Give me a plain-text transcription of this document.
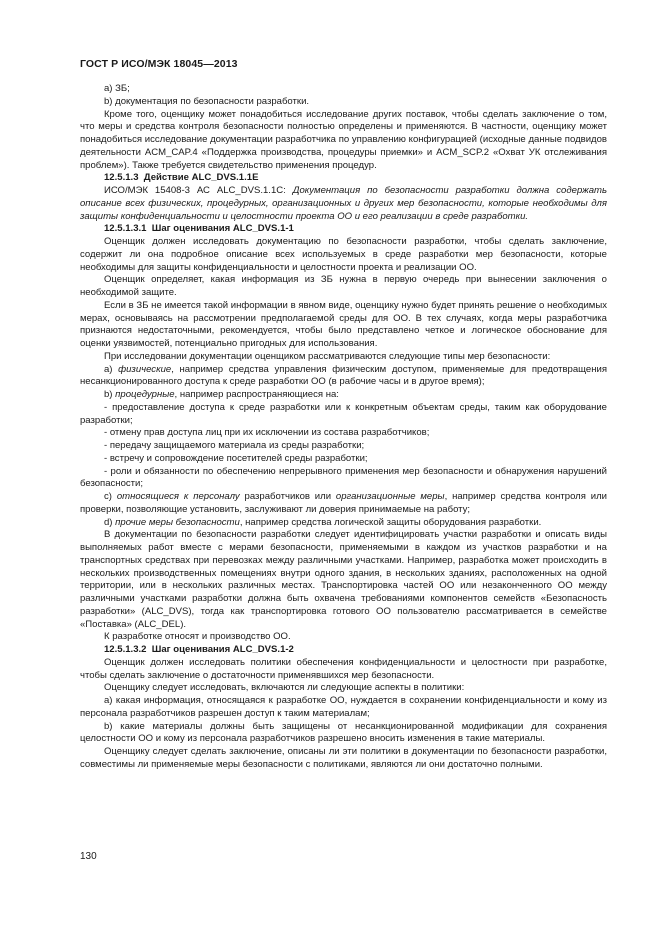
ГОСТ Р ИСО/МЭК 18045—2013

a) ЗБ;

b) документация по безопасности разработки.

Кроме того, оценщику может понадобиться исследование других поставок, чтобы сделать заключение о том, что меры и средства контроля безопасности полностью определены и применяются. В частности, оценщику может понадобиться исследование документации разработчика по управлению конфигурацией (исходные данные подвидов деятельности ACM_CAP.4 «Поддержка производства, процедуры приемки» и ACM_SCP.2 «Охват УК отслеживания проблем»). Также требуется свидетельство применения процедур.

12.5.1.3  Действие ALC_DVS.1.1E

ИСО/МЭК 15408-3 АС ALC_DVS.1.1C: Документация по безопасности разработки должна содержать описание всех физических, процедурных, организационных и других мер безопасности, которые необходимы для защиты конфиденциальности и целостности проекта ОО и его реализации в среде разработки.

12.5.1.3.1  Шаг оценивания ALC_DVS.1-1

Оценщик должен исследовать документацию по безопасности разработки, чтобы сделать заключение, содержит ли она подробное описание всех используемых в среде разработки мер безопасности, которые необходимы для защиты конфиденциальности и целостности проекта и реализации ОО.

Оценщик определяет, какая информация из ЗБ нужна в первую очередь при вынесении заключения о необходимой защите.

Если в ЗБ не имеется такой информации в явном виде, оценщику нужно будет принять решение о необходимых мерах, основываясь на рассмотрении предполагаемой среды для ОО. В тех случаях, когда меры разработчика признаются недостаточными, рекомендуется, чтобы было представлено четкое и логическое обоснование для оценки уязвимостей, потенциально пригодных для использования.

При исследовании документации оценщиком рассматриваются следующие типы мер безопасности:

a) физические, например средства управления физическим доступом, применяемые для предотвращения несанкционированного доступа к среде разработки ОО (в рабочие часы и в другое время);

b) процедурные, например распространяющиеся на:

- предоставление доступа к среде разработки или к конкретным объектам среды, таким как оборудование разработки;

- отмену прав доступа лиц при их исключении из состава разработчиков;

- передачу защищаемого материала из среды разработки;

- встречу и сопровождение посетителей среды разработки;

- роли и обязанности по обеспечению непрерывного применения мер безопасности и обнаружения нарушений безопасности;

c) относящиеся к персоналу разработчиков или организационные меры, например средства контроля или проверки, позволяющие установить, заслуживают ли доверия принимаемые на работу;

d) прочие меры безопасности, например средства логической защиты оборудования разработки.

В документации по безопасности разработки следует идентифицировать участки разработки и описать виды выполняемых работ вместе с мерами безопасности, применяемыми в каждом из участков разработки и на транспортных средствах при перевозках между различными участками. Например, разработка может происходить в нескольких производственных помещениях внутри одного здания, в нескольких зданиях, расположенных на одной территории, или в нескольких различных местах. Транспортировка частей ОО или незаконченного ОО между различными участками разработки должна быть охвачена требованиями компонентов семейств «Безопасность разработки» (ALC_DVS), тогда как транспортировка готового ОО пользователю рассматривается в семействе «Поставка» (ALC_DEL).

К разработке относят и производство ОО.

12.5.1.3.2  Шаг оценивания ALC_DVS.1-2

Оценщик должен исследовать политики обеспечения конфиденциальности и целостности при разработке, чтобы сделать заключение о достаточности применявшихся мер безопасности.

Оценщику следует исследовать, включаются ли следующие аспекты в политики:

a) какая информация, относящаяся к разработке ОО, нуждается в сохранении конфиденциальности и кому из персонала разработчиков разрешен доступ к таким материалам;

b) какие материалы должны быть защищены от несанкционированной модификации для сохранения целостности ОО и кому из персонала разработчиков разрешено вносить изменения в такие материалы.

Оценщику следует сделать заключение, описаны ли эти политики в документации по безопасности разработки, совместимы ли применяемые меры безопасности с политиками, являются ли они достаточно полными.

130
